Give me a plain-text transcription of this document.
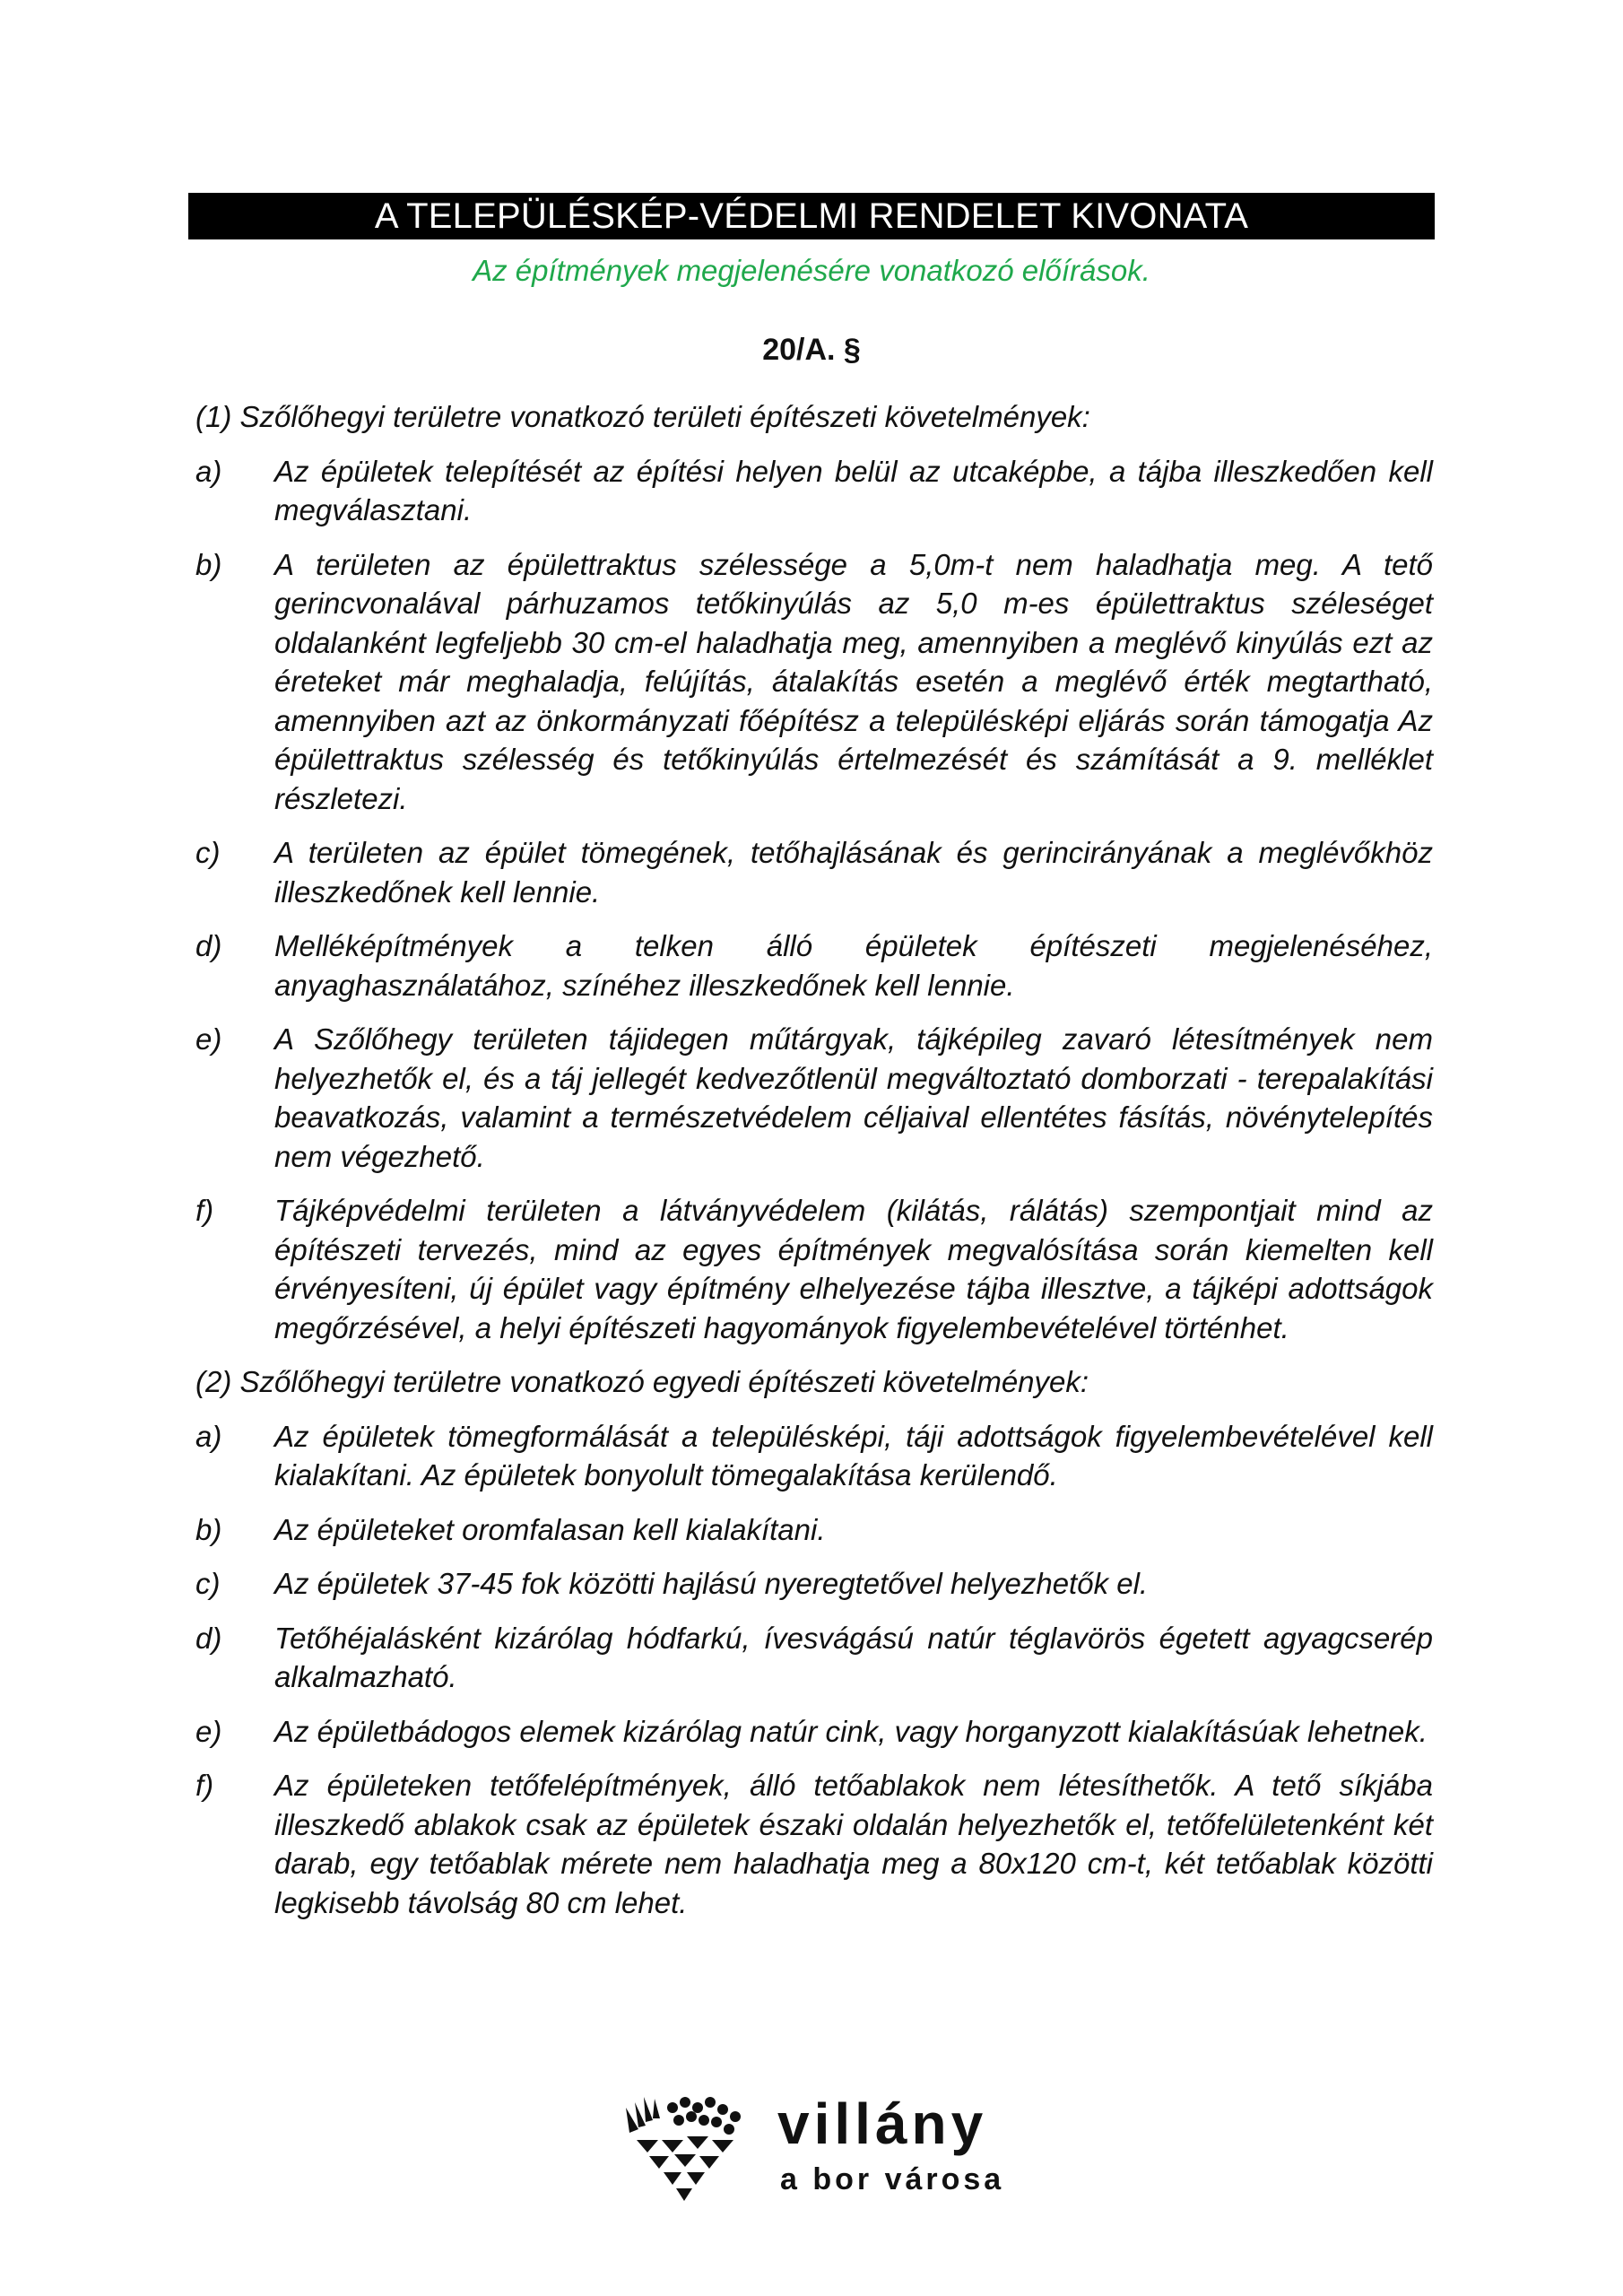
A TELEPÜLÉSKÉP-VÉDELMI RENDELET KIVONATA
Az építmények megjelenésére vonatkozó előírások.
20/A. §
(1) Szőlőhegyi területre vonatkozó területi építészeti követelmények:
a)	Az épületek telepítését az építési helyen belül az utcaképbe, a tájba illeszkedően kell megválasztani.
b)	A területen az épülettraktus szélessége a 5,0m-t nem haladhatja meg. A tető gerincvonalával párhuzamos tetőkinyúlás az 5,0 m-es épülettraktus széleséget oldalanként legfeljebb 30 cm-el haladhatja meg, amennyiben a meglévő kinyúlás ezt az éreteket már meghaladja, felújítás, átalakítás esetén a meglévő érték megtartható, amennyiben azt az önkormányzati főépítész a településképi eljárás során támogatja Az épülettraktus szélesség és tetőkinyúlás értelmezését és számítását a 9. melléklet részletezi.
c)	A területen az épület tömegének, tetőhajlásának és gerincirányának a meglévőkhöz illeszkedőnek kell lennie.
d)	Melléképítmények a telken álló épületek építészeti megjelenéséhez, anyaghasználatához, színéhez illeszkedőnek kell lennie.
e)	A Szőlőhegy területen tájidegen műtárgyak, tájképileg zavaró létesítmények nem helyezhetők el, és a táj jellegét kedvezőtlenül megváltoztató domborzati - terepalakítási beavatkozás, valamint a természetvédelem céljaival ellentétes fásítás, növénytelepítés nem végezhető.
f)	Tájképvédelmi területen a látványvédelem (kilátás, rálátás) szempontjait mind az építészeti tervezés, mind az egyes építmények megvalósítása során kiemelten kell érvényesíteni, új épület vagy építmény elhelyezése tájba illesztve, a tájképi adottságok megőrzésével, a helyi építészeti hagyományok figyelembevételével történhet.
(2) Szőlőhegyi területre vonatkozó egyedi építészeti követelmények:
a)	Az épületek tömegformálását a településképi, táji adottságok figyelembevételével kell kialakítani. Az épületek bonyolult tömegalakítása kerülendő.
b)	Az épületeket oromfalasan kell kialakítani.
c)	Az épületek 37-45 fok közötti hajlású nyeregtetővel helyezhetők el.
d)	Tetőhéjalásként kizárólag hódfarkú, ívesvágású natúr téglavörös égetett agyagcserép alkalmazható.
e)	Az épületbádogos elemek kizárólag natúr cink, vagy horganyzott kialakításúak lehetnek.
f)	Az épületeken tetőfelépítmények, álló tetőablakok nem létesíthetők. A tető síkjába illeszkedő ablakok csak az épületek északi oldalán helyezhetők el, tetőfelületenként két darab, egy tetőablak mérete nem haladhatja meg a 80x120 cm-t, két tetőablak közötti legkisebb távolság 80 cm lehet.
villány
a bor városa
